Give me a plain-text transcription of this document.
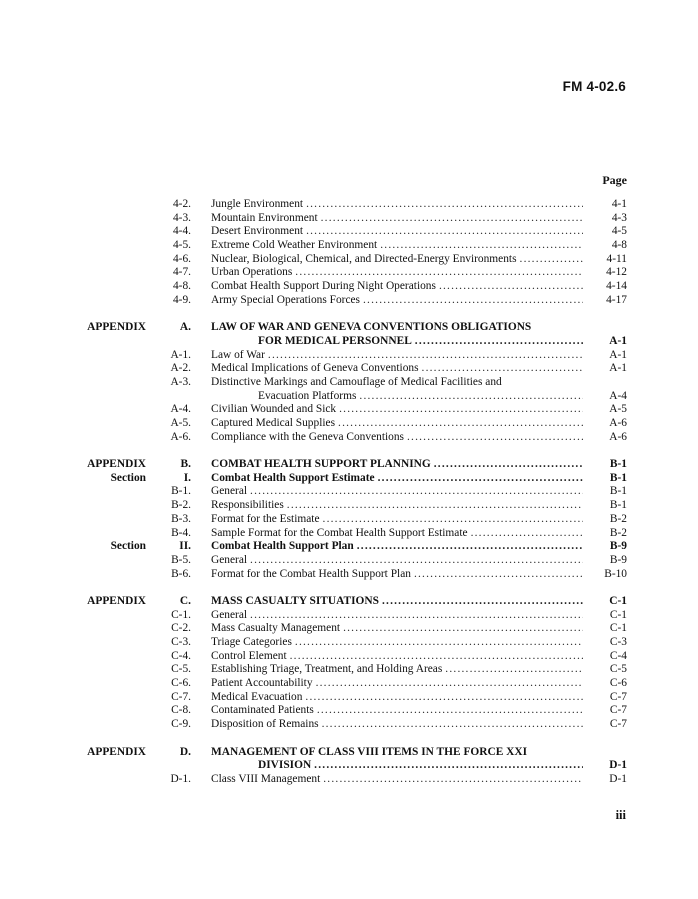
FM 4-02.6
Page
4-2. Jungle Environment .....	4-1
4-3. Mountain Environment .....	4-3
4-4. Desert Environment .....	4-5
4-5. Extreme Cold Weather Environment .....	4-8
4-6. Nuclear, Biological, Chemical, and Directed-Energy Environments .....	4-11
4-7. Urban Operations .....	4-12
4-8. Combat Health Support During Night Operations .....	4-14
4-9. Army Special Operations Forces .....	4-17
APPENDIX	A. LAW OF WAR AND GENEVA CONVENTIONS OBLIGATIONS
FOR MEDICAL PERSONNEL .....	A-1
A-1. Law of War .....	A-1
A-2. Medical Implications of Geneva Conventions .....	A-1
A-3. Distinctive Markings and Camouflage of Medical Facilities and
Evacuation Platforms .....	A-4
A-4. Civilian Wounded and Sick .....	A-5
A-5. Captured Medical Supplies .....	A-6
A-6. Compliance with the Geneva Conventions .....	A-6
APPENDIX	B. COMBAT HEALTH SUPPORT PLANNING .....	B-1
Section	I. Combat Health Support Estimate .....	B-1
B-1. General .....	B-1
B-2. Responsibilities .....	B-1
B-3. Format for the Estimate .....	B-2
B-4. Sample Format for the Combat Health Support Estimate .....	B-2
Section	II. Combat Health Support Plan .....	B-9
B-5. General .....	B-9
B-6. Format for the Combat Health Support Plan .....	B-10
APPENDIX	C. MASS CASUALTY SITUATIONS .....	C-1
C-1. General .....	C-1
C-2. Mass Casualty Management .....	C-1
C-3. Triage Categories .....	C-3
C-4. Control Element .....	C-4
C-5. Establishing Triage, Treatment, and Holding Areas .....	C-5
C-6. Patient Accountability .....	C-6
C-7. Medical Evacuation .....	C-7
C-8. Contaminated Patients .....	C-7
C-9. Disposition of Remains .....	C-7
APPENDIX	D. MANAGEMENT OF CLASS VIII ITEMS IN THE FORCE XXI
DIVISION .....	D-1
D-1. Class VIII Management .....	D-1
iii
